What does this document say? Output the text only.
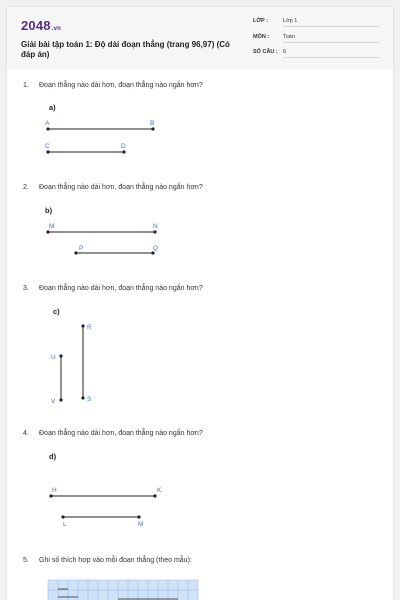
2048.vn
Giải bài tập toán 1: Độ dài đoạn thẳng (trang 96,97) (Có đáp án)
LỚP :	Lớp 1
MÔN :	Toán
SỐ CÂU : 6
1. Đoạn thẳng nào dài hơn, đoạn thẳng nào ngắn hơn?
a)
2. Đoạn thẳng nào dài hơn, đoạn thẳng nào ngắn hơn?
b)
3. Đoạn thẳng nào dài hơn, đoạn thẳng nào ngắn hơn?
c)
4. Đoạn thẳng nào dài hơn, đoạn thẳng nào ngắn hơn?
d)
5. Ghi số thích hợp vào mỗi đoạn thẳng (theo mẫu):
A	B
C	D
M	N
P	Q
R
S
U
V
H	K
L	M
